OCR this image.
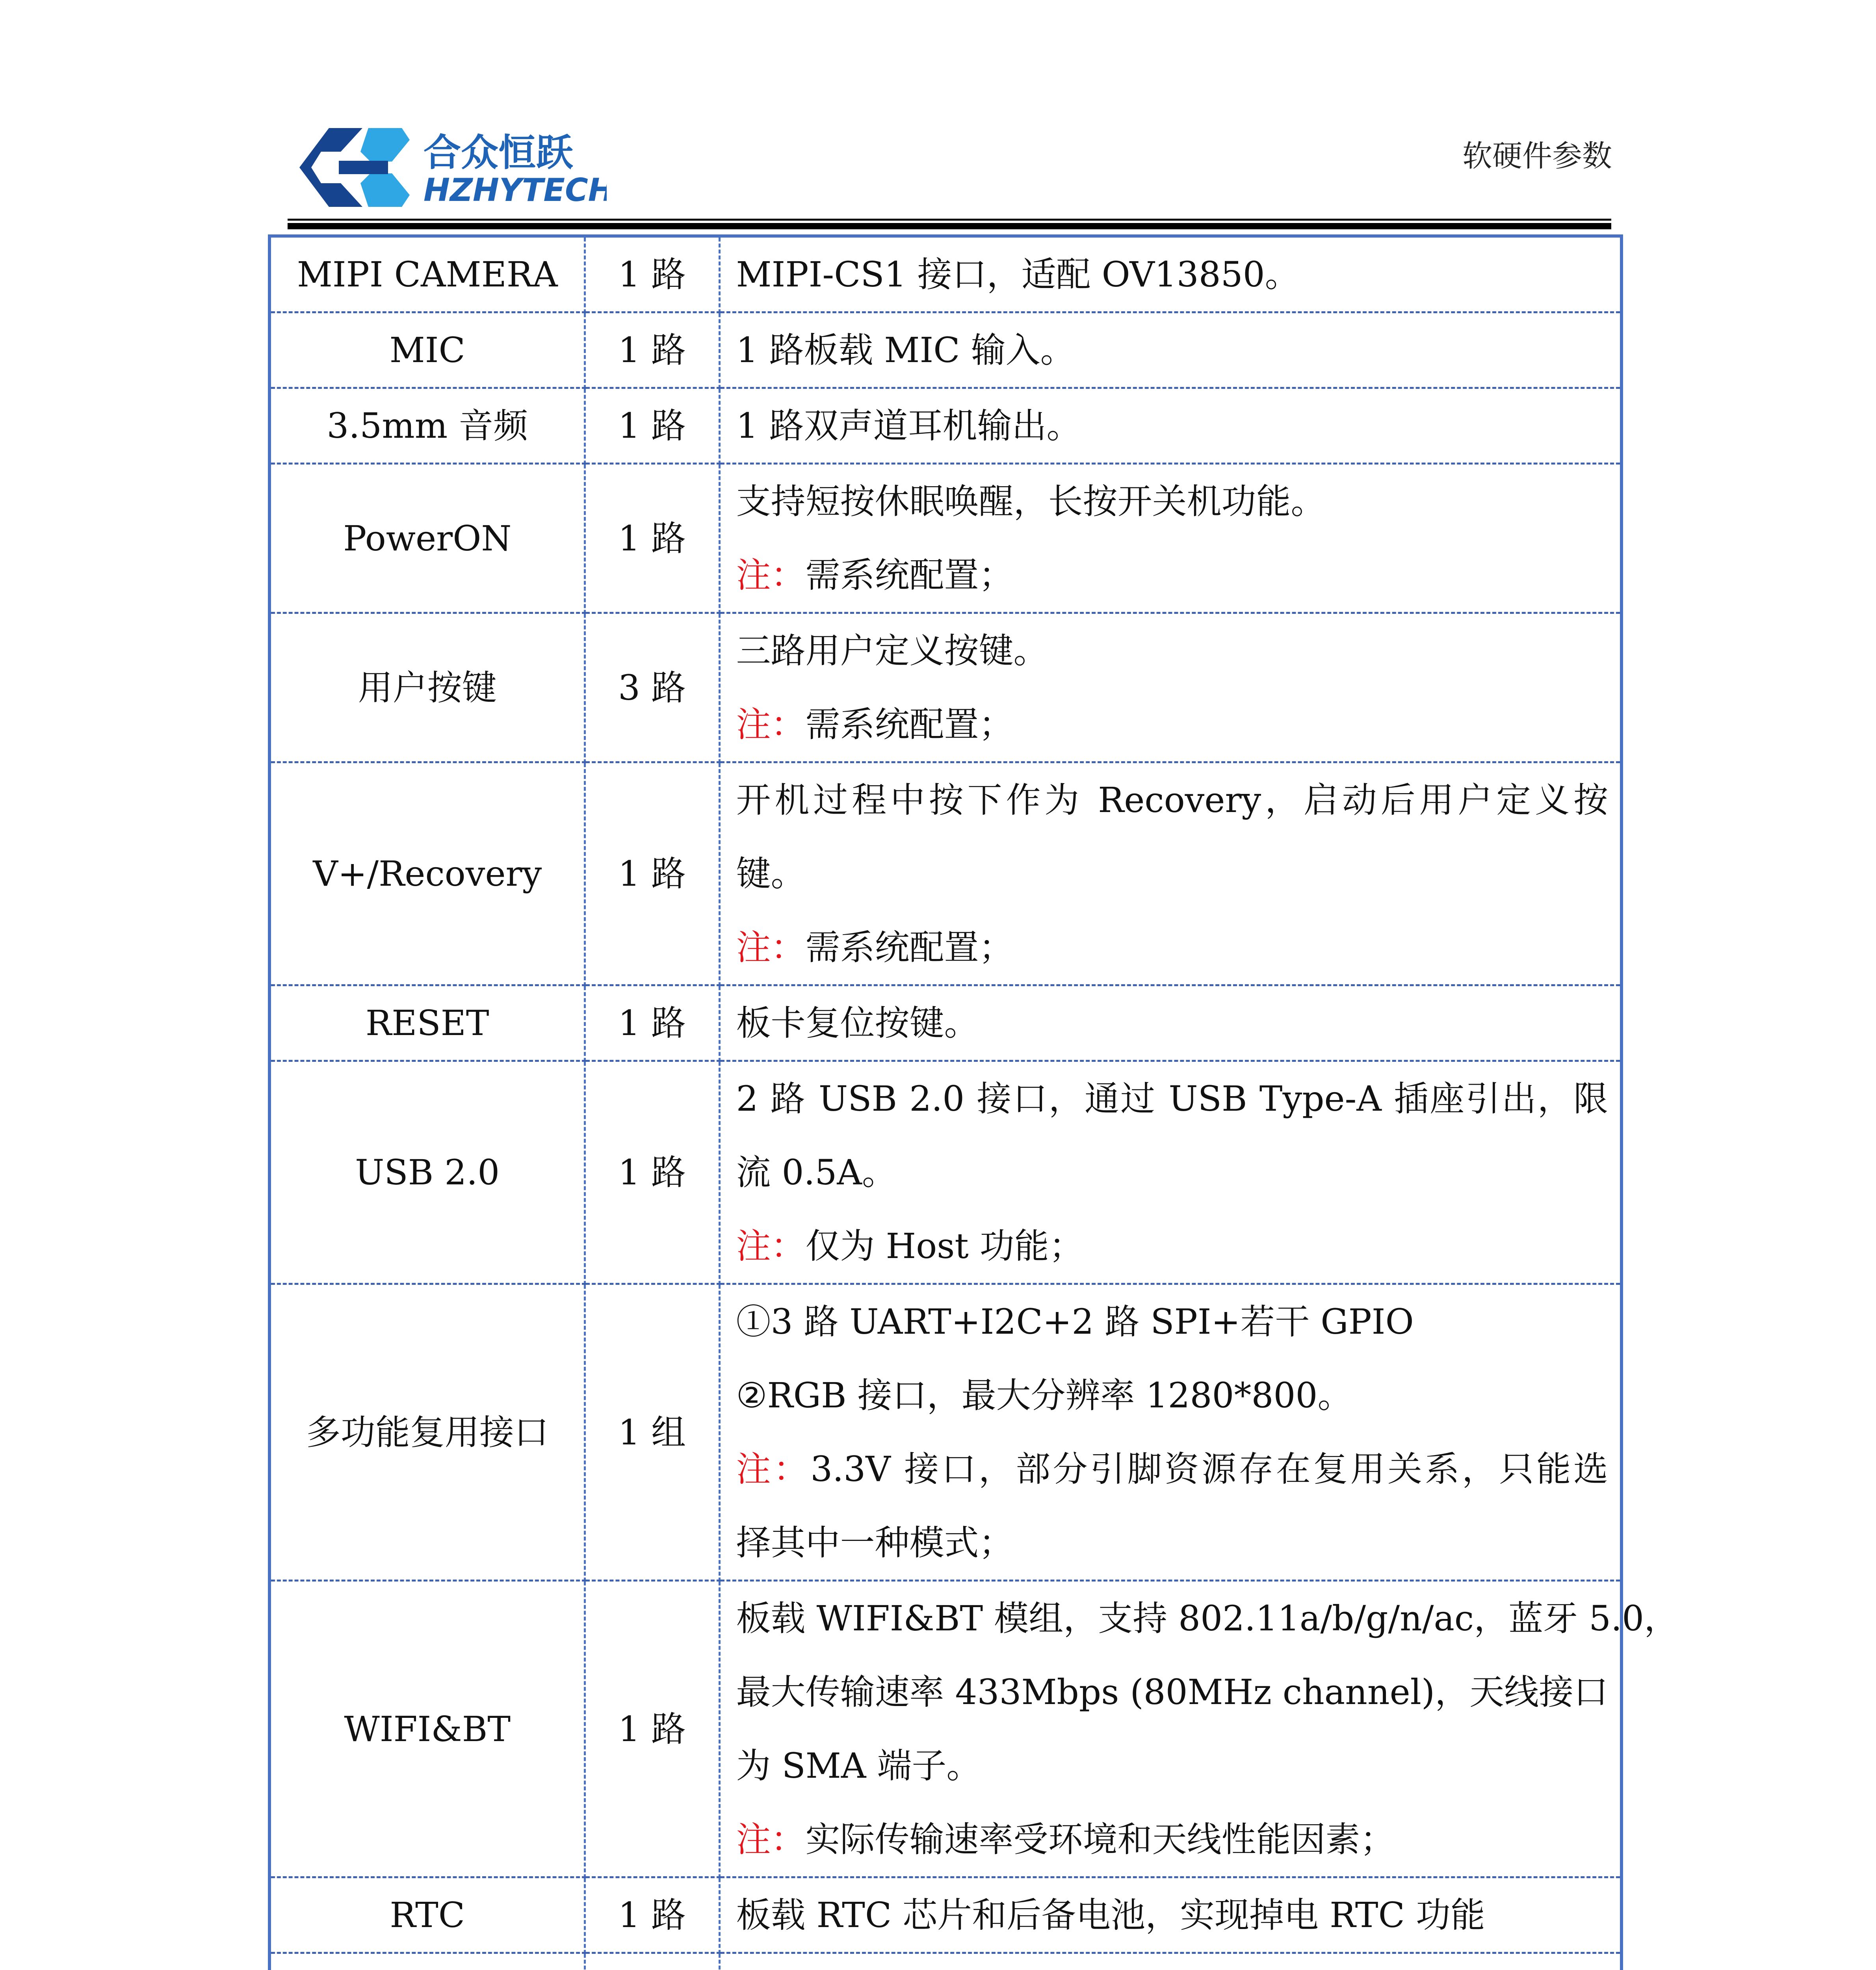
合众恒跃
HZHYTECH
软硬件参数
MIPI CAMERA	1 路	MIPI-CS1 接口，适配 OV13850。

MIC	1 路	1 路板载 MIC 输入。

3.5mm 音频	1 路	1 路双声道耳机输出。

PowerON	1 路	支持短按休眠唤醒，长按开关机功能。
注：需系统配置；

用户按键	3 路	三路用户定义按键。
注：需系统配置；

V+/Recovery	1 路	开机过程中按下作为 Recovery，启动后用户定义按
键。
注：需系统配置；

RESET	1 路	板卡复位按键。

USB 2.0	1 路	2 路 USB 2.0 接口，通过 USB Type-A 插座引出，限
流 0.5A。
注：仅为 Host 功能；

多功能复用接口	1 组	①3 路 UART+I2C+2 路 SPI+若干 GPIO
②RGB 接口，最大分辨率 1280*800。
注：3.3V 接口，部分引脚资源存在复用关系，只能选
择其中一种模式；

WIFI&BT	1 路	板载 WIFI&BT 模组，支持 802.11a/b/g/n/ac，蓝牙 5.0，
最大传输速率 433Mbps (80MHz channel)，天线接口
为 SMA 端子。
注：实际传输速率受环境和天线性能因素；

RTC	1 路	板载 RTC 芯片和后备电池，实现掉电 RTC 功能
